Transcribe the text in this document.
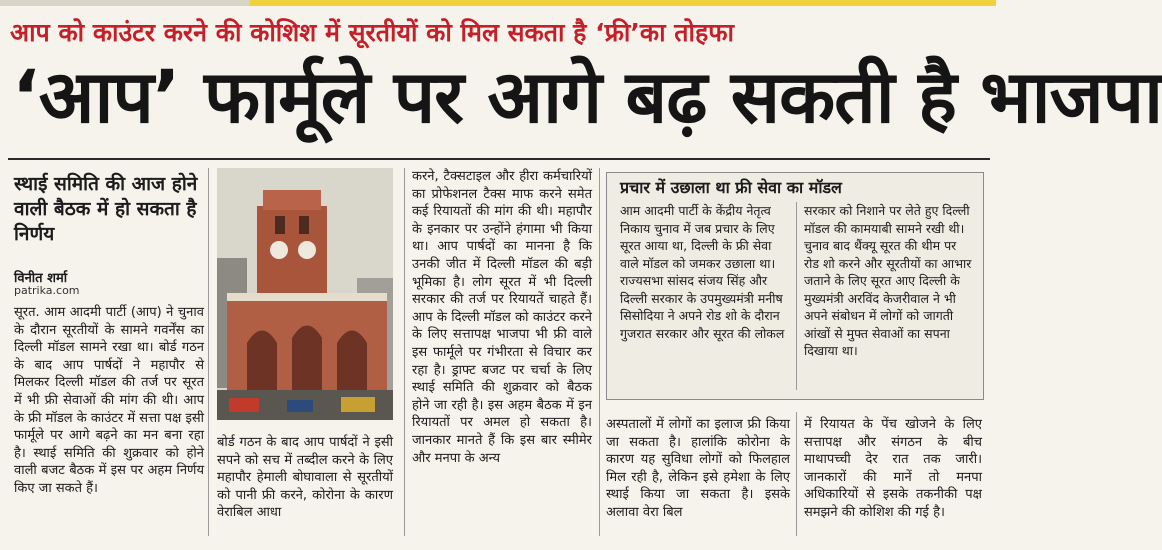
आप को काउंटर करने की कोशिश में सूरतीयों को मिल सकता है ‘फ्री’का तोहफा
‘आप’ फार्मूले पर आगे बढ़ सकती है भाजपा
स्थाई समिति की आज होने वाली बैठक में हो सकता है निर्णय
विनीत शर्मा
patrika.com
सूरत. आम आदमी पार्टी (आप) ने चुनाव के दौरान सूरतीयों के सामने गवर्नेंस का दिल्ली मॉडल सामने रखा था। बोर्ड गठन के बाद आप पार्षदों ने महापौर से मिलकर दिल्ली मॉडल की तर्ज पर सूरत में भी फ्री सेवाओं की मांग की थी। आप के फ्री मॉडल के काउंटर में सत्ता पक्ष इसी फार्मूले पर आगे बढ़ने का मन बना रहा है। स्थाई समिति की शुक्रवार को होने वाली बजट बैठक में इस पर अहम निर्णय किए जा सकते हैं।
बोर्ड गठन के बाद आप पार्षदों ने इसी सपने को सच में तब्दील करने के लिए महापौर हेमाली बोघावाला से सूरतीयों को पानी फ्री करने, कोरोना के कारण वेराबिल आधा
करने, टैक्सटाइल और हीरा कर्मचारियों का प्रोफेशनल टैक्स माफ करने समेत कई रियायतों की मांग की थी। महापौर के इनकार पर उन्होंने हंगामा भी किया था। आप पार्षदों का मानना है कि उनकी जीत में दिल्ली मॉडल की बड़ी भूमिका है। लोग सूरत में भी दिल्ली सरकार की तर्ज पर रियायतें चाहते हैं। आप के दिल्ली मॉडल को काउंटर करने के लिए सत्तापक्ष भाजपा भी फ्री वाले इस फार्मूले पर गंभीरता से विचार कर रहा है। ड्राफ्ट बजट पर चर्चा के लिए स्थाई समिति की शुक्रवार को बैठक होने जा रही है। इस अहम बैठक में इन रियायतों पर अमल हो सकता है। जानकार मानते हैं कि इस बार स्मीमेर और मनपा के अन्य
प्रचार में उछाला था फ्री सेवा का मॉडल
आम आदमी पार्टी के केंद्रीय नेतृत्व निकाय चुनाव में जब प्रचार के लिए सूरत आया था, दिल्ली के फ्री सेवा वाले मॉडल को जमकर उछाला था। राज्यसभा सांसद संजय सिंह और दिल्ली सरकार के उपमुख्यमंत्री मनीष सिसोदिया ने अपने रोड शो के दौरान गुजरात सरकार और सूरत की लोकल
सरकार को निशाने पर लेते हुए दिल्ली मॉडल की कामयाबी सामने रखी थी। चुनाव बाद थैंक्यू सूरत की थीम पर रोड शो करने और सूरतीयों का आभार जताने के लिए सूरत आए दिल्ली के मुख्यमंत्री अरविंद केजरीवाल ने भी अपने संबोधन में लोगों को जागती आंखों से मुफ्त सेवाओं का सपना दिखाया था।
अस्पतालों में लोगों का इलाज फ्री किया जा सकता है। हालांकि कोरोना के कारण यह सुविधा लोगों को फिलहाल मिल रही है, लेकिन इसे हमेशा के लिए स्थाई किया जा सकता है। इसके अलावा वेरा बिल
में रियायत के पेंच खोजने के लिए सत्तापक्ष और संगठन के बीच माथापच्ची देर रात तक जारी। जानकारों की मानें तो मनपा अधिकारियों से इसके तकनीकी पक्ष समझने की कोशिश की गई है।
